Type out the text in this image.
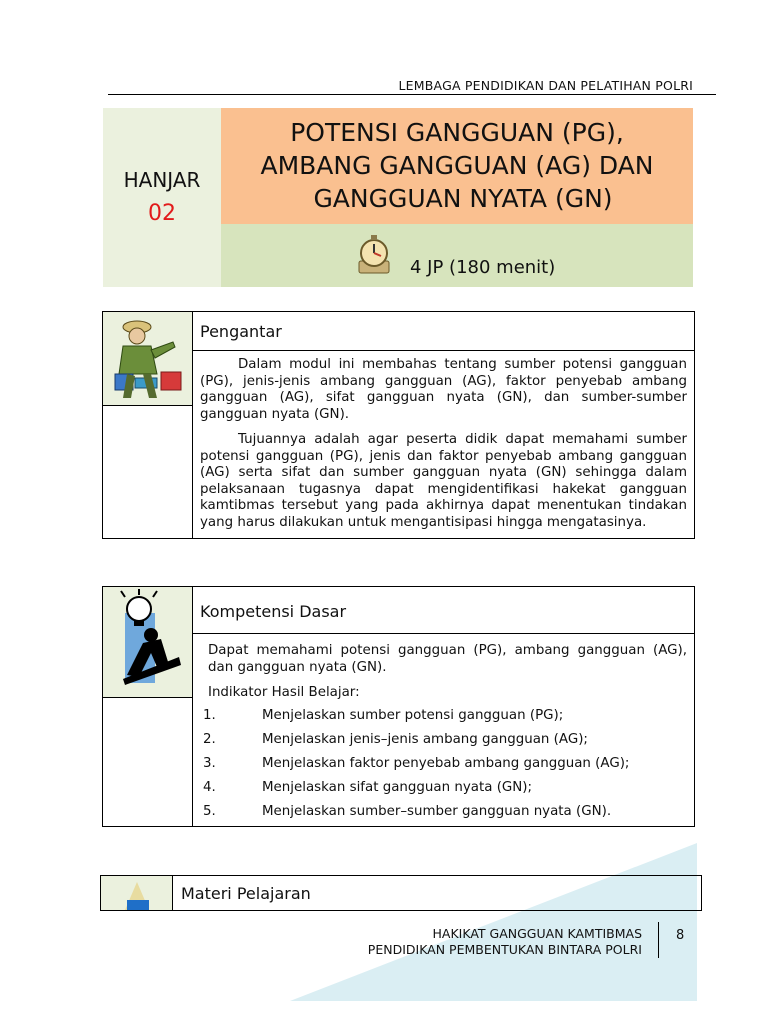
LEMBAGA PENDIDIKAN DAN PELATIHAN POLRI
HANJAR
02
POTENSI GANGGUAN (PG),
AMBANG GANGGUAN (AG) DAN
GANGGUAN NYATA (GN)
4 JP (180 menit)
Pengantar
Dalam modul ini membahas tentang sumber potensi gangguan (PG), jenis-jenis ambang gangguan (AG), faktor penyebab ambang gangguan (AG), sifat gangguan nyata (GN), dan sumber-sumber gangguan nyata (GN).
Tujuannya adalah agar peserta didik dapat memahami sumber potensi gangguan (PG), jenis dan faktor penyebab ambang gangguan (AG) serta sifat dan sumber gangguan nyata (GN) sehingga dalam pelaksanaan tugasnya dapat mengidentifikasi hakekat gangguan kamtibmas tersebut yang pada akhirnya dapat menentukan tindakan yang harus dilakukan untuk mengantisipasi hingga mengatasinya.
Kompetensi Dasar
Dapat memahami potensi gangguan (PG), ambang gangguan (AG), dan gangguan nyata (GN).
Indikator Hasil Belajar:
1.	Menjelaskan sumber potensi gangguan (PG);
2.	Menjelaskan jenis–jenis ambang gangguan (AG);
3.	Menjelaskan faktor penyebab ambang gangguan (AG);
4.	Menjelaskan sifat gangguan nyata (GN);
5.	Menjelaskan sumber–sumber gangguan nyata (GN).
Materi Pelajaran
HAKIKAT GANGGUAN KAMTIBMAS
PENDIDIKAN PEMBENTUKAN BINTARA POLRI
8
